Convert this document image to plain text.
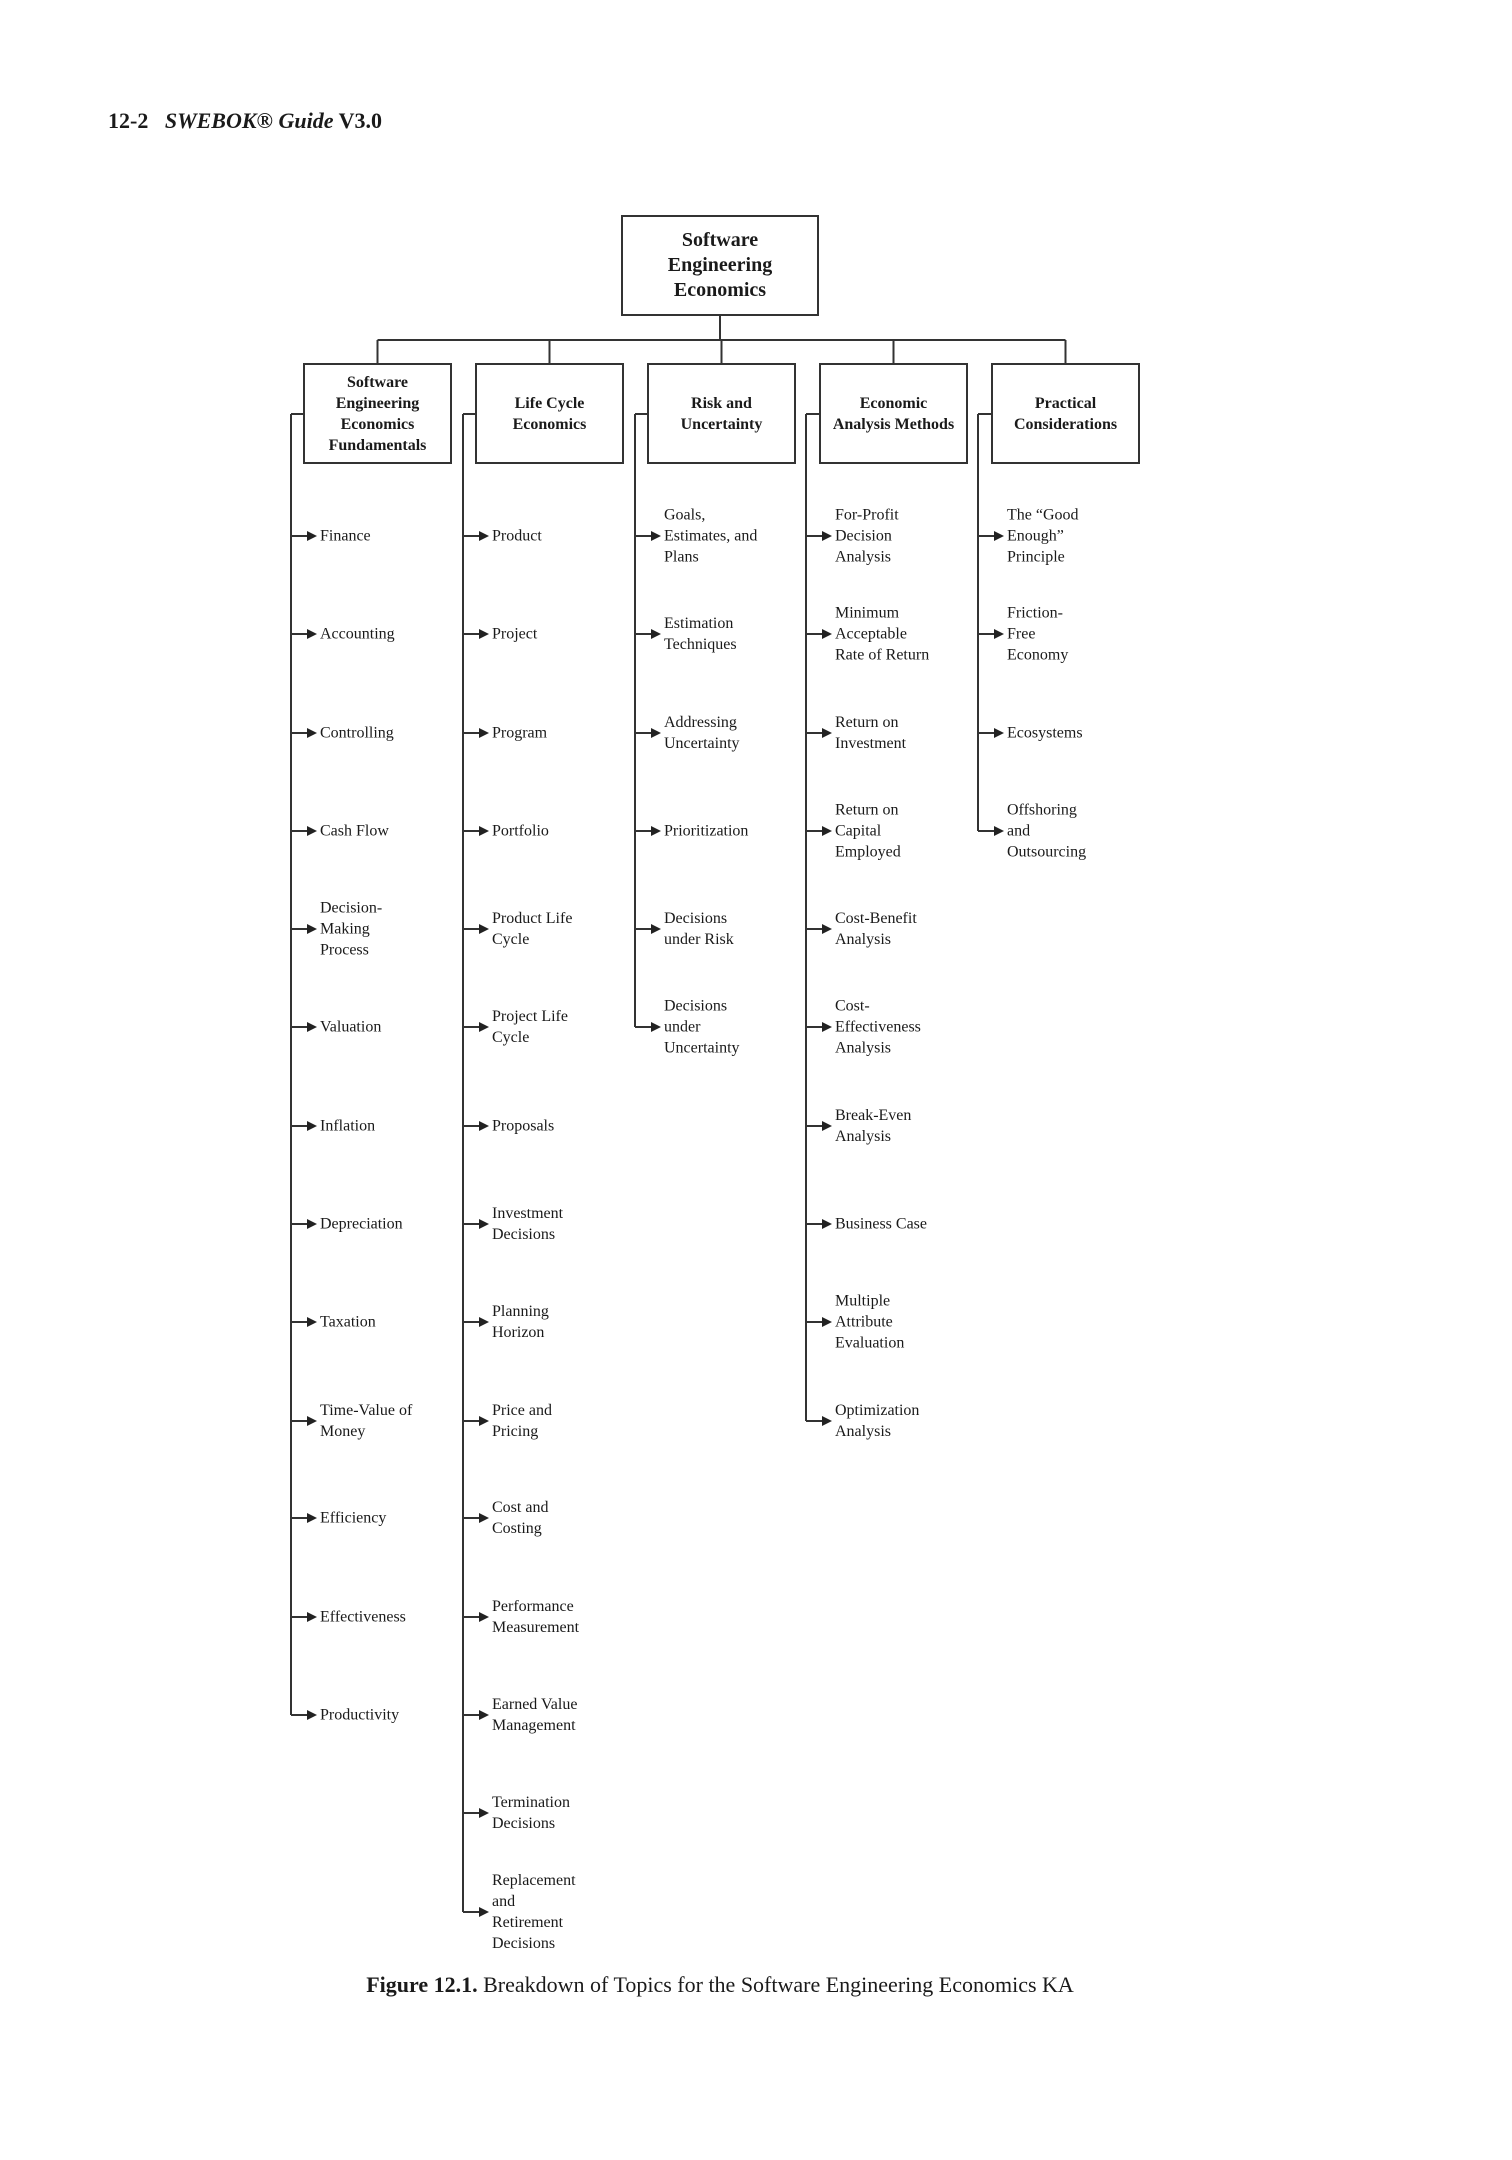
12-2 SWEBOK® Guide V3.0
Software
Engineering
Economics
Software
Engineering
Economics
Fundamentals
Finance
Accounting
Controlling
Cash Flow
Decision-
Making
Process
Valuation
Inflation
Depreciation
Taxation
Time-Value of
Money
Efficiency
Effectiveness
Productivity
Life Cycle
Economics
Product
Project
Program
Portfolio
Product Life
Cycle
Project Life
Cycle
Proposals
Investment
Decisions
Planning
Horizon
Price and
Pricing
Cost and
Costing
Performance
Measurement
Earned Value
Management
Termination
Decisions
Replacement
and
Retirement
Decisions
Risk and
Uncertainty
Goals,
Estimates, and
Plans
Estimation
Techniques
Addressing
Uncertainty
Prioritization
Decisions
under Risk
Decisions
under
Uncertainty
Economic
Analysis Methods
For-Profit
Decision
Analysis
Minimum
Acceptable
Rate of Return
Return on
Investment
Return on
Capital
Employed
Cost-Benefit
Analysis
Cost-
Effectiveness
Analysis
Break-Even
Analysis
Business Case
Multiple
Attribute
Evaluation
Optimization
Analysis
Practical
Considerations
The “Good
Enough”
Principle
Friction-
Free
Economy
Ecosystems
Offshoring
and
Outsourcing
Figure 12.1. Breakdown of Topics for the Software Engineering Economics KA
